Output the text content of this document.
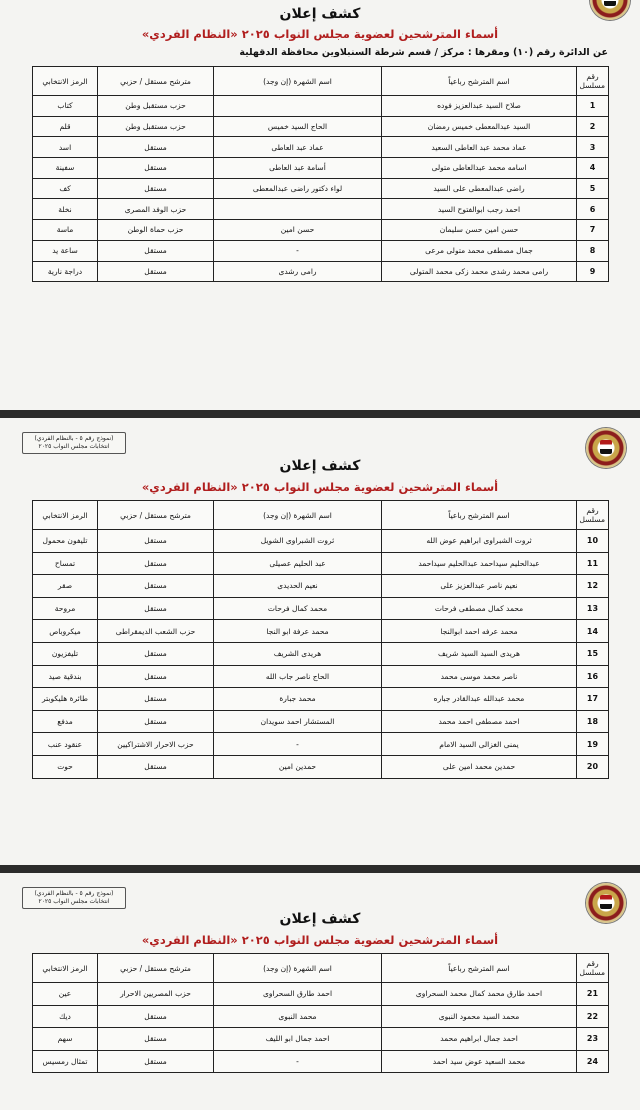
كشف إعلان
أسماء المترشحين لعضوية مجلس النواب ٢٠٢٥ «النظام الفردي»
عن الدائرة رقم (١٠) ومقرها : مركز / قسم شرطة السنبلاوين محافظة الدقهلية
رقم مسلسل	اسم المترشح رباعياً	اسم الشهرة (إن وجد)	مترشح مستقل / حزبي	الرمز الانتخابي
1	صلاح السيد عبدالعزيز فوده		حزب مستقبل وطن	كتاب
2	السيد عبدالمعطى خميس رمضان	الحاج السيد خميس	حزب مستقبل وطن	قلم
3	عماد محمد عبد العاطى السعيد	عماد عبد العاطى	مستقل	اسد
4	اسامه محمد عبدالعاطى متولى	أسامة عبد العاطى	مستقل	سفينة
5	راضى عبدالمعطى على السيد	لواء دكتور راضى عبدالمعطى	مستقل	كف
6	احمد رجب ابوالفتوح السيد		حزب الوفد المصرى	نخلة
7	حسن امين حسن سليمان	حسن امين	حزب حماة الوطن	ماسة
8	جمال مصطفى محمد متولى مرعى	-	مستقل	ساعة يد
9	رامى محمد رشدى محمد زكى محمد المتولى	رامى رشدى	مستقل	دراجة نارية
(نموذج رقم ٥ - بالنظام الفردي)
انتخابات مجلس النواب ٢٠٢٥
كشف إعلان
أسماء المترشحين لعضوية مجلس النواب ٢٠٢٥ «النظام الفردي»
رقم مسلسل	اسم المترشح رباعياً	اسم الشهرة (إن وجد)	مترشح مستقل / حزبي	الرمز الانتخابي
10	ثروت الشبراوى ابراهيم عوض الله	ثروت الشبراوى الشويل	مستقل	تليفون محمول
11	عبدالحليم سيداحمد عبدالحليم سيداحمد	عبد الحليم عصيلى	مستقل	تمساح
12	نعيم ناصر عبدالعزيز على	نعيم الحديدى	مستقل	صقر
13	محمد كمال مصطفى فرحات	محمد كمال فرحات	مستقل	مروحة
14	محمد عرفه احمد ابوالنجا	محمد عرفة ابو النجا	حزب الشعب الديمقراطى	ميكروباص
15	هريدى السيد السيد شريف	هريدى الشريف	مستقل	تليفزيون
16	ناصر محمد موسى محمد	الحاج ناصر جاب الله	مستقل	بندقية صيد
17	محمد عبدالله عبدالقادر جباره	محمد جبارة	مستقل	طائرة هليكوبتر
18	احمد مصطفى احمد محمد	المستشار احمد سويدان	مستقل	مدفع
19	يمنى الغزالى السيد الامام	-	حزب الاحرار الاشتراكيين	عنقود عنب
20	حمدين محمد امين على	حمدين امين	مستقل	حوت
(نموذج رقم ٥ - بالنظام الفردي)
انتخابات مجلس النواب ٢٠٢٥
كشف إعلان
أسماء المترشحين لعضوية مجلس النواب ٢٠٢٥ «النظام الفردي»
رقم مسلسل	اسم المترشح رباعياً	اسم الشهرة (إن وجد)	مترشح مستقل / حزبي	الرمز الانتخابي
21	احمد طارق محمد كمال محمد السحراوى	احمد طارق السحراوى	حزب المصريين الاحرار	عين
22	محمد السيد محمود النبوى	محمد النبوى	مستقل	ديك
23	احمد جمال ابراهيم محمد	احمد جمال ابو الليف	مستقل	سهم
24	محمد السعيد عوض سيد احمد	-	مستقل	تمثال رمسيس
